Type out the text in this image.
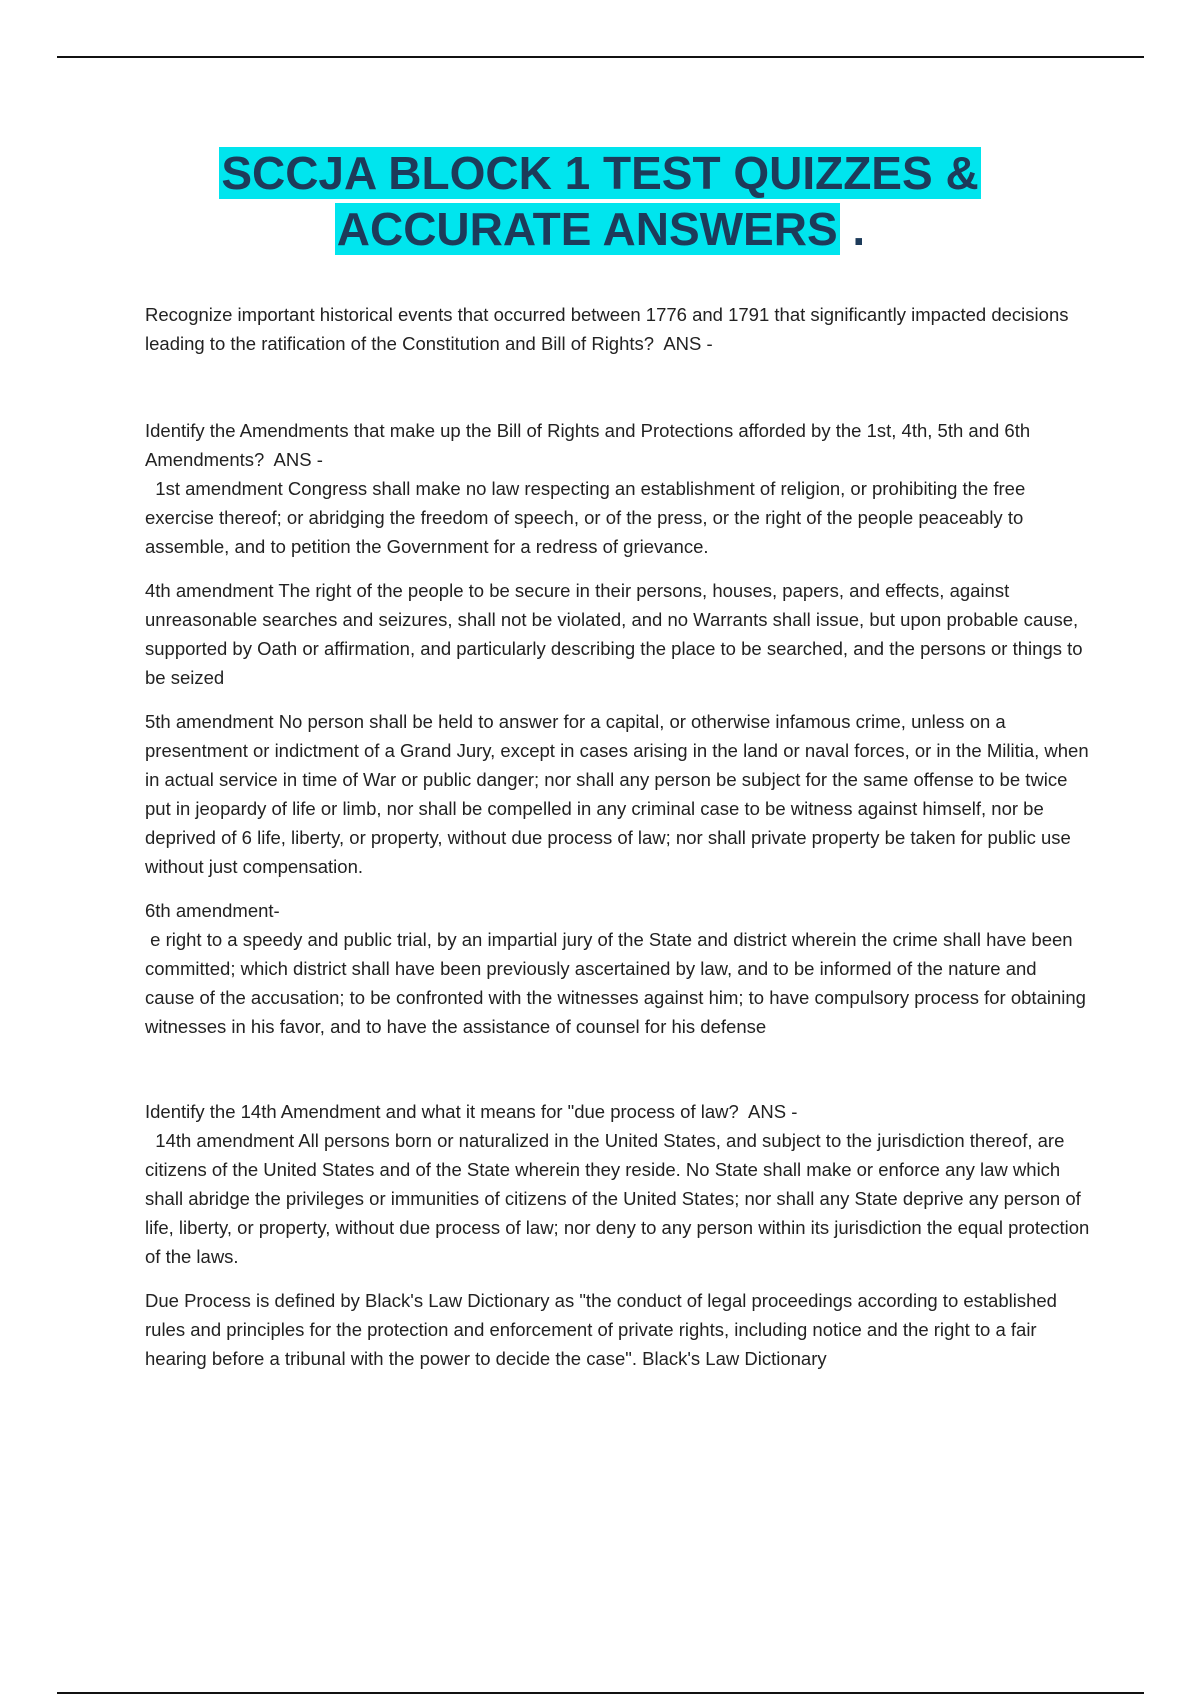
SCCJA BLOCK 1 TEST QUIZZES &
ACCURATE ANSWERS .

Recognize important historical events that occurred between 1776 and 1791 that significantly impacted decisions leading to the ratification of the Constitution and Bill of Rights?  ANS -

Identify the Amendments that make up the Bill of Rights and Protections afforded by the 1st, 4th, 5th and 6th Amendments?  ANS -

1st amendment Congress shall make no law respecting an establishment of religion, or prohibiting the free exercise thereof; or abridging the freedom of speech, or of the press, or the right of the people peaceably to assemble, and to petition the Government for a redress of grievance.

4th amendment The right of the people to be secure in their persons, houses, papers, and effects, against unreasonable searches and seizures, shall not be violated, and no Warrants shall issue, but upon probable cause, supported by Oath or affirmation, and particularly describing the place to be searched, and the persons or things to be seized

5th amendment No person shall be held to answer for a capital, or otherwise infamous crime, unless on a presentment or indictment of a Grand Jury, except in cases arising in the land or naval forces, or in the Militia, when in actual service in time of War or public danger; nor shall any person be subject for the same offense to be twice put in jeopardy of life or limb, nor shall be compelled in any criminal case to be witness against himself, nor be deprived of 6 life, liberty, or property, without due process of law; nor shall private property be taken for public use without just compensation.

6th amendment-

e right to a speedy and public trial, by an impartial jury of the State and district wherein the crime shall have been committed; which district shall have been previously ascertained by law, and to be informed of the nature and cause of the accusation; to be confronted with the witnesses against him; to have compulsory process for obtaining witnesses in his favor, and to have the assistance of counsel for his defense

Identify the 14th Amendment and what it means for "due process of law?  ANS -

14th amendment All persons born or naturalized in the United States, and subject to the jurisdiction thereof, are citizens of the United States and of the State wherein they reside. No State shall make or enforce any law which shall abridge the privileges or immunities of citizens of the United States; nor shall any State deprive any person of life, liberty, or property, without due process of law; nor deny to any person within its jurisdiction the equal protection of the laws.

Due Process is defined by Black's Law Dictionary as "the conduct of legal proceedings according to established rules and principles for the protection and enforcement of private rights, including notice and the right to a fair hearing before a tribunal with the power to decide the case". Black's Law Dictionary
